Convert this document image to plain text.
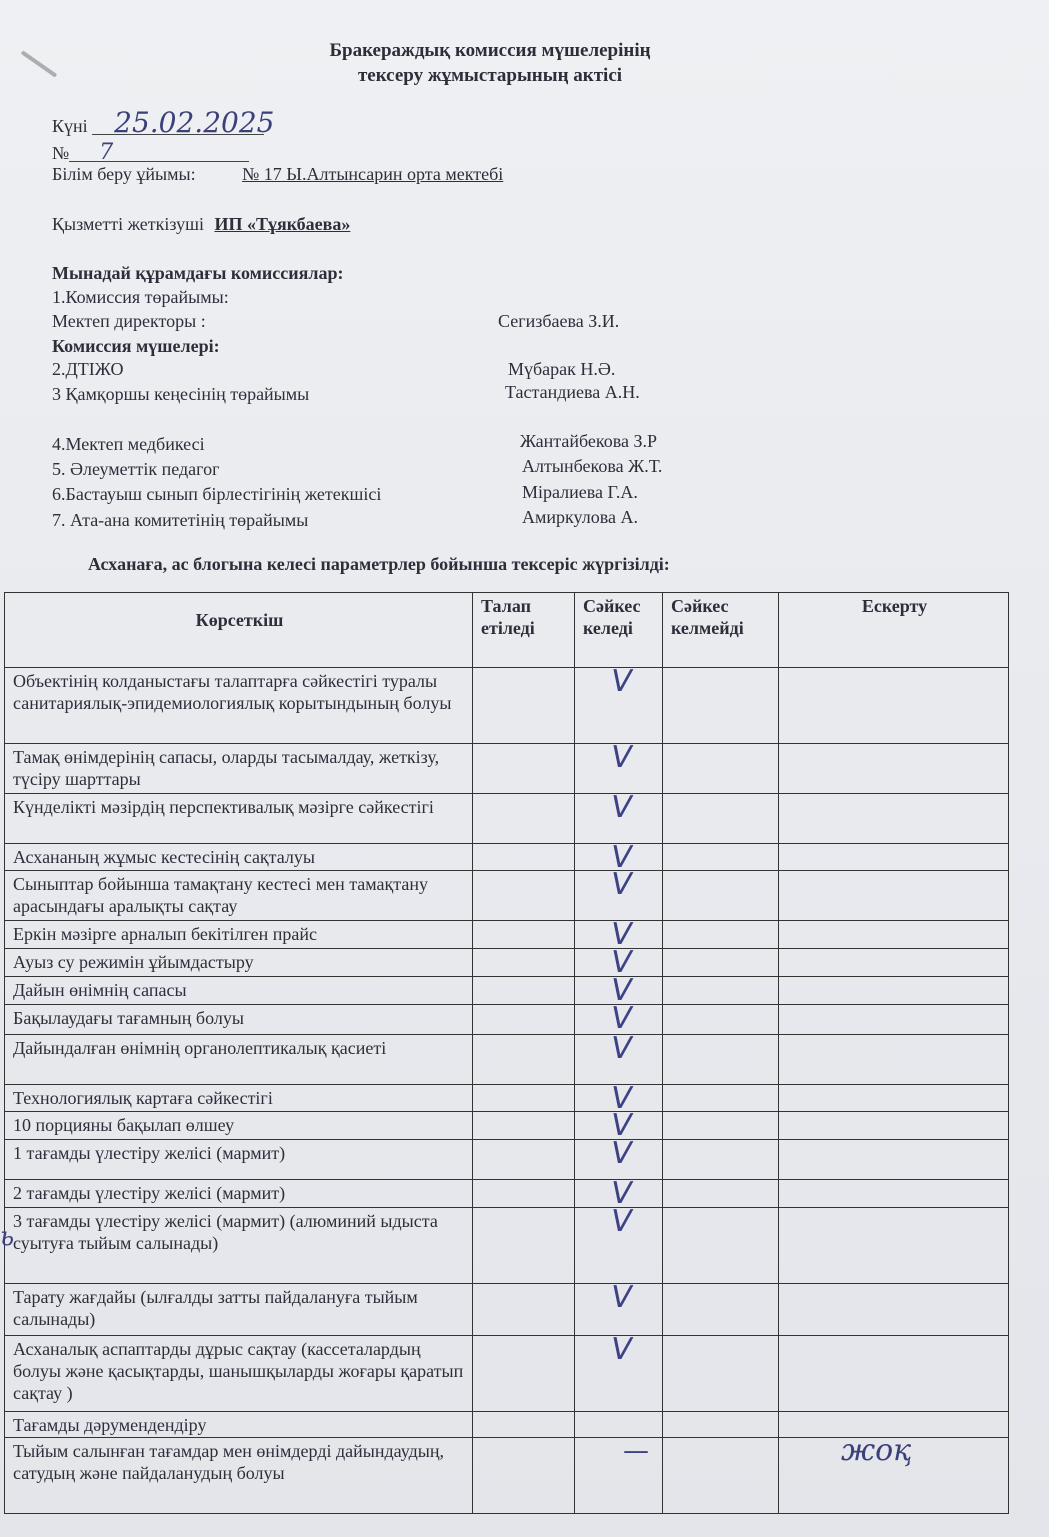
Бракераждық комиссия мүшелерінің
тексеру жұмыстарының актісі
Күні 25.02.2025
№ 7
Білім беру ұйымы:	№ 17 Ы.Алтынсарин орта мектебі
Қызметті жеткізуші ИП «Тұякбаева»
Мынадай құрамдағы комиссиялар:
1.Комиссия төрайымы:
Мектеп директоры :	Сегизбаева З.И.
Комиссия мүшелері:
2.ДТІЖО	Мүбарак Н.Ә.
3 Қамқоршы кеңесінің төрайымы	Тастандиева А.Н.
4.Мектеп медбикесі	Жантайбекова З.Р
5. Әлеуметтік педагог	Алтынбекова Ж.Т.
6.Бастауыш сынып бірлестігінің жетекшісі	Міралиева Г.А.
7. Ата-ана комитетінің төрайымы	Амиркулова А.
Асханаға, ас блогына келесі параметрлер бойынша тексеріс жүргізілді:
Көрсеткіш	Талап етіледі	Сәйкес келеді	Сәйкес келмейді	Ескерту
Объектінің колданыстағы талаптарға сәйкестігі туралы санитариялық-эпидемиологиялық корытындының болуы		V		

Тамақ өнімдерінің сапасы, оларды тасымалдау, жеткізу, түсіру шарттары		V		

Күнделікті мәзірдің перспективалық мәзірге сәйкестігі		V		

Асхананың жұмыс кестесінің сақталуы		V		

Сыныптар бойынша тамақтану кестесі мен тамақтану арасындағы аралықты сақтау		V		

Еркін мәзірге арналып бекітілген прайс		V		

Ауыз су режимін ұйымдастыру		V		

Дайын өнімнің сапасы		V		

Бақылаудағы тағамның болуы		V		

Дайындалған өнімнің органолептикалық қасиеті		V		

Технологиялық картаға сәйкестігі		V		

10 порцияны бақылап өлшеу		V		

1 тағамды үлестіру желісі (мармит)		V		

2 тағамды үлестіру желісі (мармит)		V		

3 тағамды үлестіру желісі (мармит) (алюминий ыдыста суытуға тыйым салынады)		V		

Тарату жағдайы (ылғалды затты пайдалануға тыйым салынады)		V		

Асханалық аспаптарды дұрыс сақтау (кассеталардың болуы және қасықтарды, шанышқыларды жоғары қаратып сақтау )		V		

Тағамды дәрумендендіру		

Тыйым салынған тағамдар мен өнімдерді дайындаудың, сатудың және пайдаланудың болуы		—		жоқ
ь
